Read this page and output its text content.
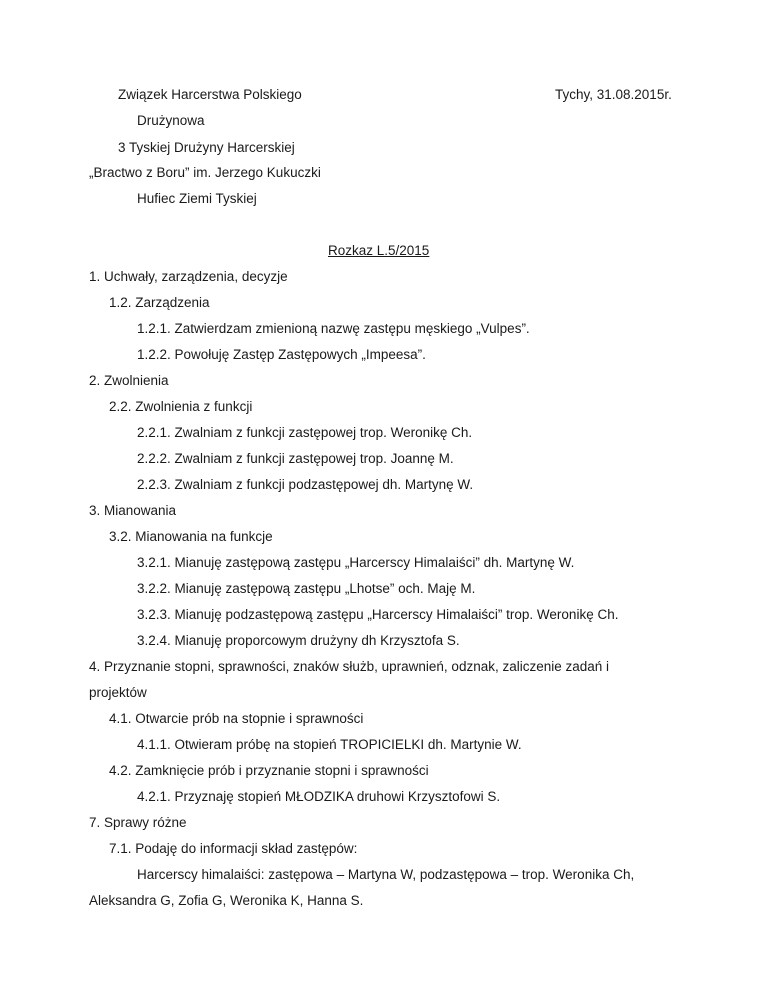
Związek Harcerstwa Polskiego	Tychy, 31.08.2015r.
Drużynowa
3 Tyskiej Drużyny Harcerskiej
„Bractwo z Boru” im. Jerzego Kukuczki
Hufiec Ziemi Tyskiej
Rozkaz L.5/2015
1. Uchwały, zarządzenia, decyzje
1.2. Zarządzenia
1.2.1. Zatwierdzam zmienioną nazwę zastępu męskiego „Vulpes”.
1.2.2. Powołuję Zastęp Zastępowych „Impeesa”.
2. Zwolnienia
2.2. Zwolnienia z funkcji
2.2.1. Zwalniam z funkcji zastępowej trop. Weronikę Ch.
2.2.2. Zwalniam z funkcji zastępowej trop. Joannę M.
2.2.3. Zwalniam z funkcji podzastępowej dh. Martynę W.
3. Mianowania
3.2. Mianowania na funkcje
3.2.1. Mianuję zastępową zastępu „Harcerscy Himalaiści” dh. Martynę W.
3.2.2. Mianuję zastępową zastępu „Lhotse” och. Maję M.
3.2.3. Mianuję podzastępową zastępu „Harcerscy Himalaiści” trop. Weronikę Ch.
3.2.4. Mianuję proporcowym drużyny dh Krzysztofa S.
4. Przyznanie stopni, sprawności, znaków służb, uprawnień, odznak, zaliczenie zadań i
projektów
4.1. Otwarcie prób na stopnie i sprawności
4.1.1. Otwieram próbę na stopień TROPICIELKI dh. Martynie W.
4.2. Zamknięcie prób i przyznanie stopni i sprawności
4.2.1. Przyznaję stopień MŁODZIKA druhowi Krzysztofowi S.
7. Sprawy różne
7.1. Podaję do informacji skład zastępów:
Harcerscy himalaiści: zastępowa – Martyna W, podzastępowa – trop. Weronika Ch,
Aleksandra G, Zofia G, Weronika K, Hanna S.
